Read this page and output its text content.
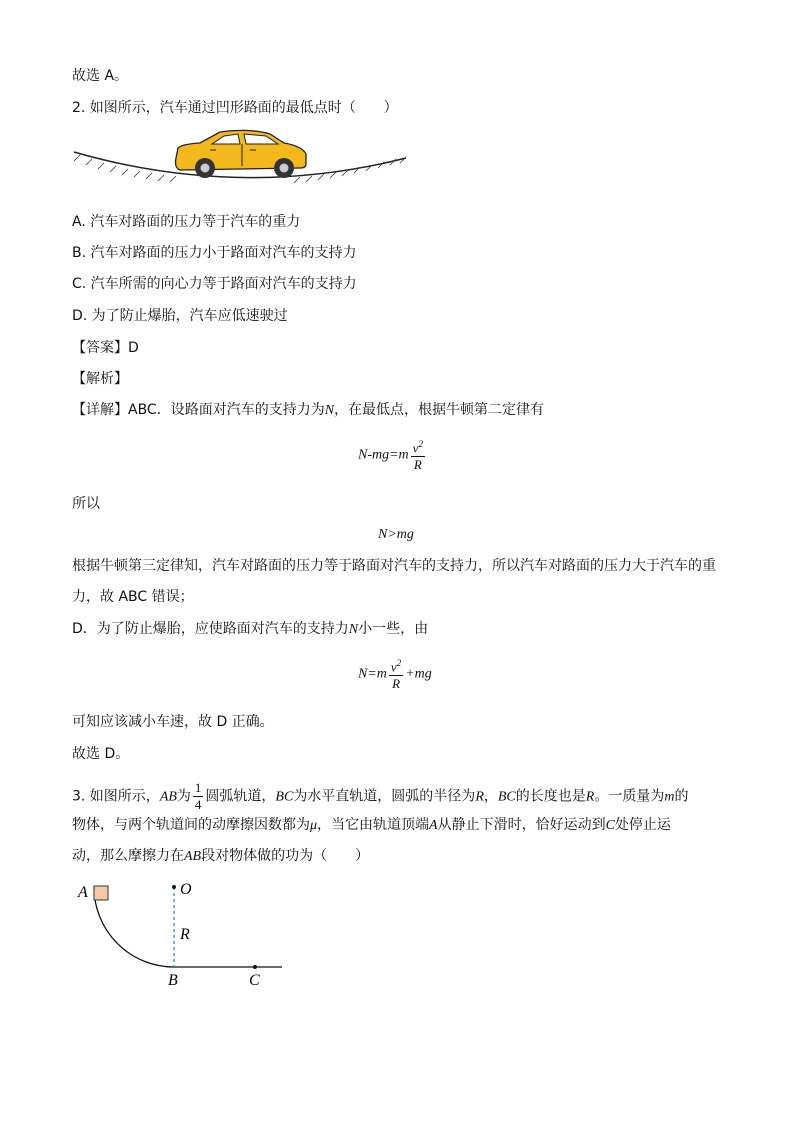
故选 A。
2. 如图所示，汽车通过凹形路面的最低点时（　　）
A. 汽车对路面的压力等于汽车的重力
B. 汽车对路面的压力小于路面对汽车的支持力
C. 汽车所需的向心力等于路面对汽车的支持力
D. 为了防止爆胎，汽车应低速驶过
【答案】D
【解析】
【详解】ABC．设路面对汽车的支持力为N，在最低点，根据牛顿第二定律有
$N-mg=m \frac{v^2}{R}$
所以
N>mg
根据牛顿第三定律知，汽车对路面的压力等于路面对汽车的支持力，所以汽车对路面的压力大于汽车的重
力，故 ABC 错误；
D．为了防止爆胎，应使路面对汽车的支持力N小一些，由
$N=m \frac{v^2}{R} +mg$
可知应该减小车速，故 D 正确。
故选 D。
3. 如图所示，AB为 $\frac{1}{4}$ 圆弧轨道，BC为水平直轨道，圆弧的半径为R，BC的长度也是R。一质量为m的
物体，与两个轨道间的动摩擦因数都为μ，当它由轨道顶端A从静止下滑时，恰好运动到C处停止运
动，那么摩擦力在AB段对物体做的功为（　　）
A	O
R
B	C
